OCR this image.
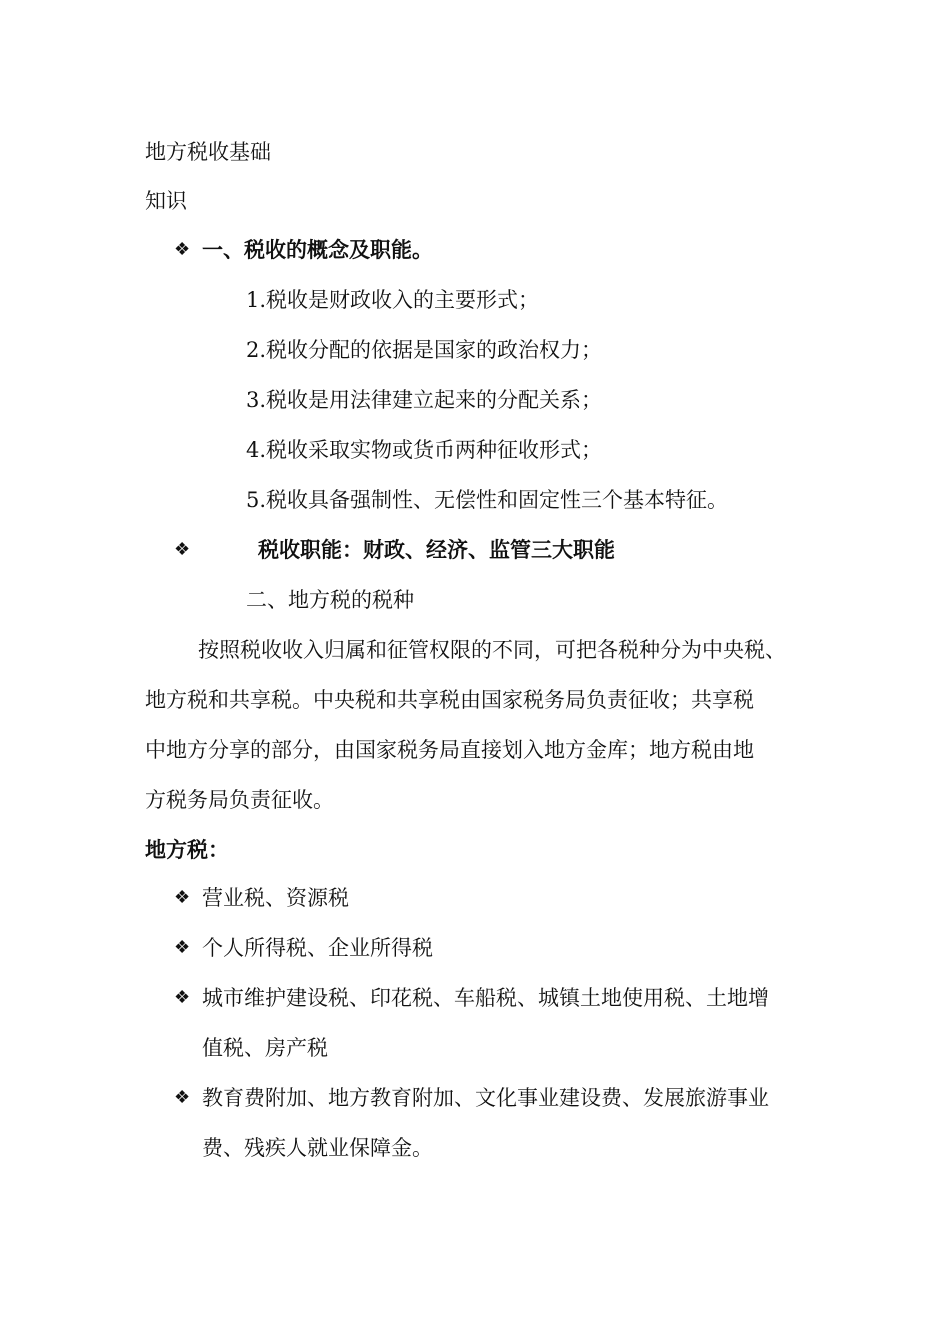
地方税收基础
知识
❖ 一、税收的概念及职能。
1.税收是财政收入的主要形式；
2.税收分配的依据是国家的政治权力；
3.税收是用法律建立起来的分配关系；
4.税收采取实物或货币两种征收形式；
5.税收具备强制性、无偿性和固定性三个基本特征。
❖	税收职能：财政、经济、监管三大职能
二、地方税的税种
按照税收收入归属和征管权限的不同，可把各税种分为中央税、
地方税和共享税。中央税和共享税由国家税务局负责征收；共享税
中地方分享的部分，由国家税务局直接划入地方金库；地方税由地
方税务局负责征收。
地方税：
❖ 营业税、资源税
❖ 个人所得税、企业所得税
❖ 城市维护建设税、印花税、车船税、城镇土地使用税、土地增
值税、房产税
❖ 教育费附加、地方教育附加、文化事业建设费、发展旅游事业
费、残疾人就业保障金。
